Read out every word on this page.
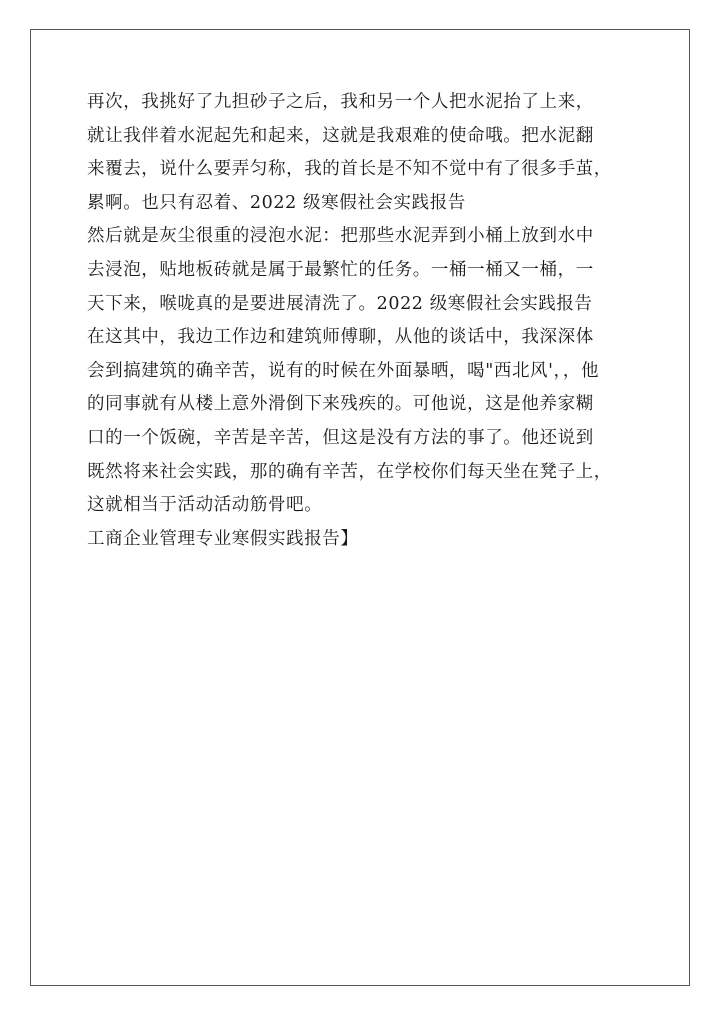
再次，我挑好了九担砂子之后，我和另一个人把水泥抬了上来，
就让我伴着水泥起先和起来，这就是我艰难的使命哦。把水泥翻
来覆去，说什么要弄匀称，我的首长是不知不觉中有了很多手茧，
累啊。也只有忍着、2022 级寒假社会实践报告
然后就是灰尘很重的浸泡水泥：把那些水泥弄到小桶上放到水中
去浸泡，贴地板砖就是属于最繁忙的任务。一桶一桶又一桶，一
天下来，喉咙真的是要进展清洗了。2022 级寒假社会实践报告
在这其中，我边工作边和建筑师傅聊，从他的谈话中，我深深体
会到搞建筑的确辛苦，说有的时候在外面暴晒，喝"西北风'，，他
的同事就有从楼上意外滑倒下来残疾的。可他说，这是他养家糊
口的一个饭碗，辛苦是辛苦，但这是没有方法的事了。他还说到
既然将来社会实践，那的确有辛苦，在学校你们每天坐在凳子上，
这就相当于活动活动筋骨吧。
工商企业管理专业寒假实践报告】
